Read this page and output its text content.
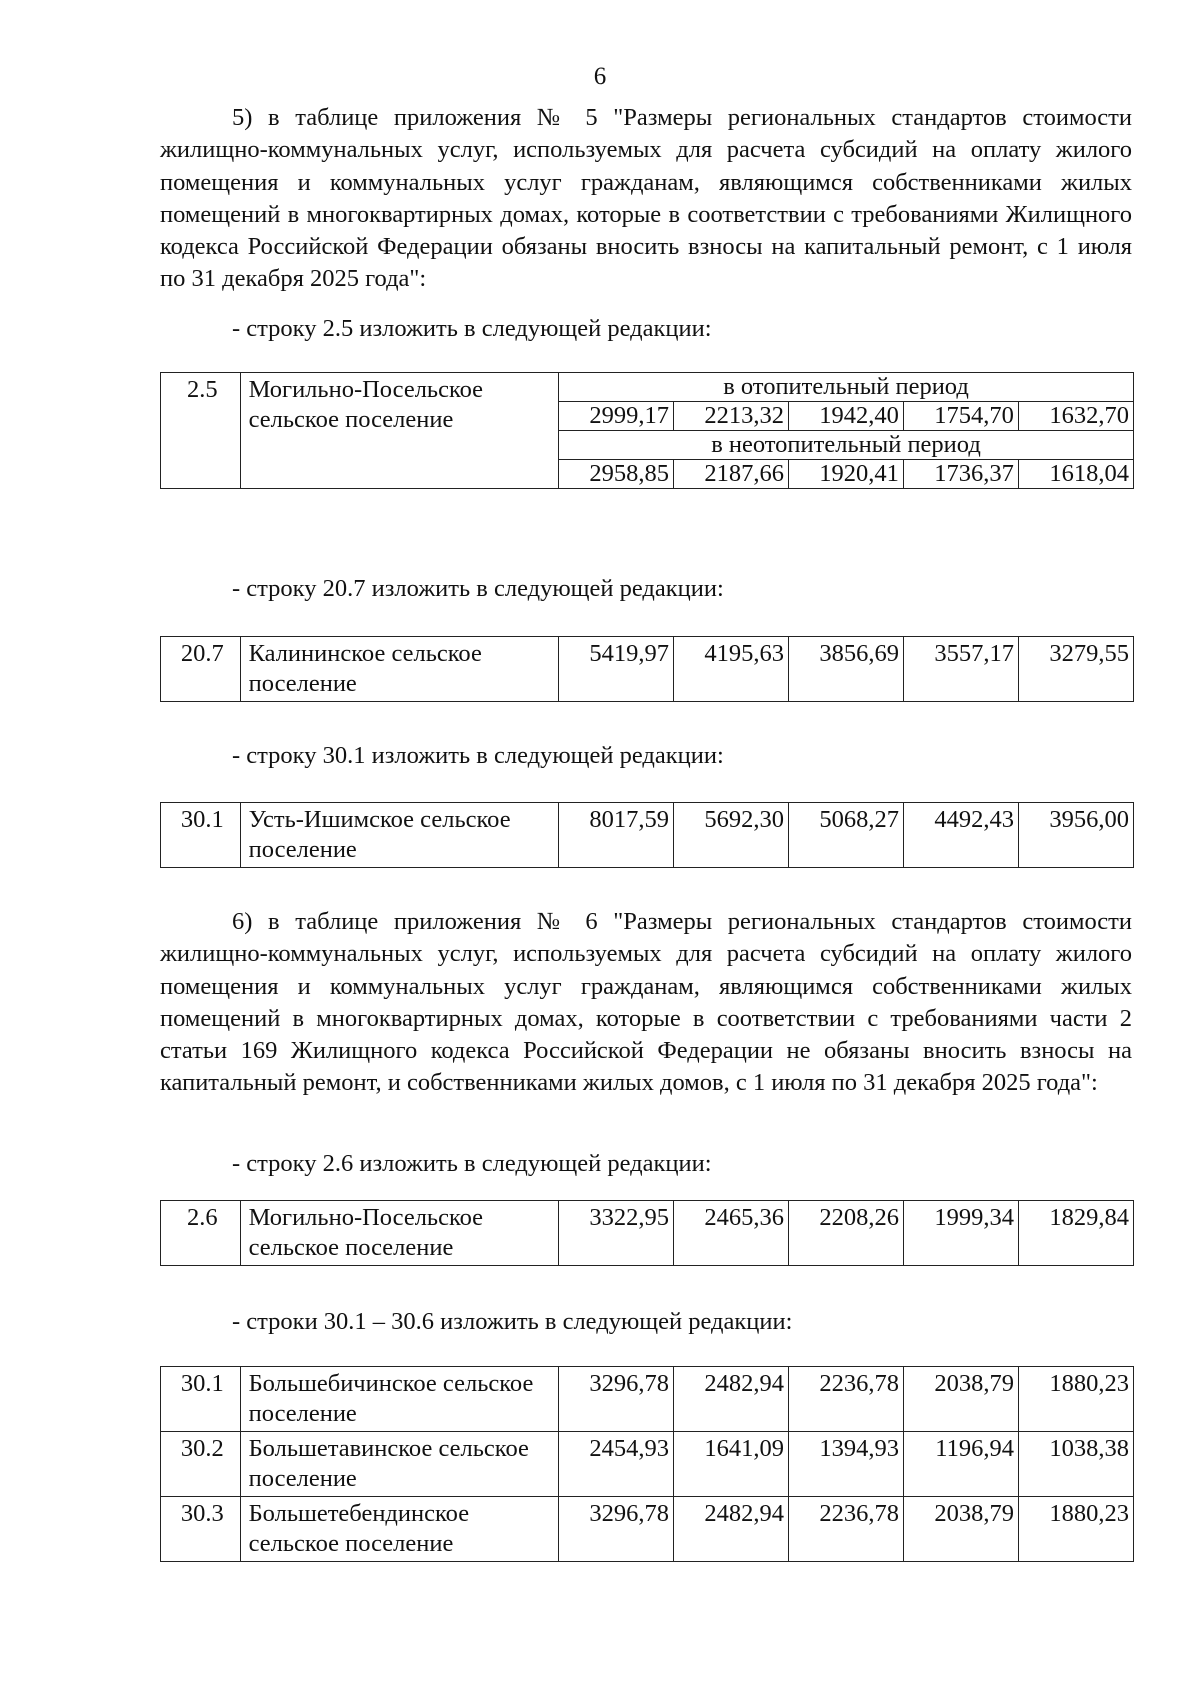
6

5) в таблице приложения № 5 "Размеры региональных стандартов стоимости жилищно-коммунальных услуг, используемых для расчета субсидий на оплату жилого помещения и коммунальных услуг гражданам, являющимся собственниками жилых помещений в многоквартирных домах, которые в соответствии с требованиями Жилищного кодекса Российской Федерации обязаны вносить взносы на капитальный ремонт, с 1 июля по 31 декабря 2025 года":

- строку 2.5 изложить в следующей редакции:

2.5	Могильно-Посельское сельское поселение	в отопительный период				
		2999,17	2213,32	1942,40	1754,70	1632,70
		в неотопительный период				
		2958,85	2187,66	1920,41	1736,37	1618,04

- строку 20.7 изложить в следующей редакции:

20.7	Калининское сельское поселение	5419,97	4195,63	3856,69	3557,17	3279,55

- строку 30.1 изложить в следующей редакции:

30.1	Усть-Ишимское сельское поселение	8017,59	5692,30	5068,27	4492,43	3956,00

6) в таблице приложения № 6 "Размеры региональных стандартов стоимости жилищно-коммунальных услуг, используемых для расчета субсидий на оплату жилого помещения и коммунальных услуг гражданам, являющимся собственниками жилых помещений в многоквартирных домах, которые в соответствии с требованиями части 2 статьи 169 Жилищного кодекса Российской Федерации не обязаны вносить взносы на капитальный ремонт, и собственниками жилых домов, с 1 июля по 31 декабря 2025 года":

- строку 2.6 изложить в следующей редакции:

2.6	Могильно-Посельское сельское поселение	3322,95	2465,36	2208,26	1999,34	1829,84

- строки 30.1 – 30.6 изложить в следующей редакции:

30.1	Большебичинское сельское поселение	3296,78	2482,94	2236,78	2038,79	1880,23
30.2	Большетавинское сельское поселение	2454,93	1641,09	1394,93	1196,94	1038,38
30.3	Большетебендинское сельское поселение	3296,78	2482,94	2236,78	2038,79	1880,23
